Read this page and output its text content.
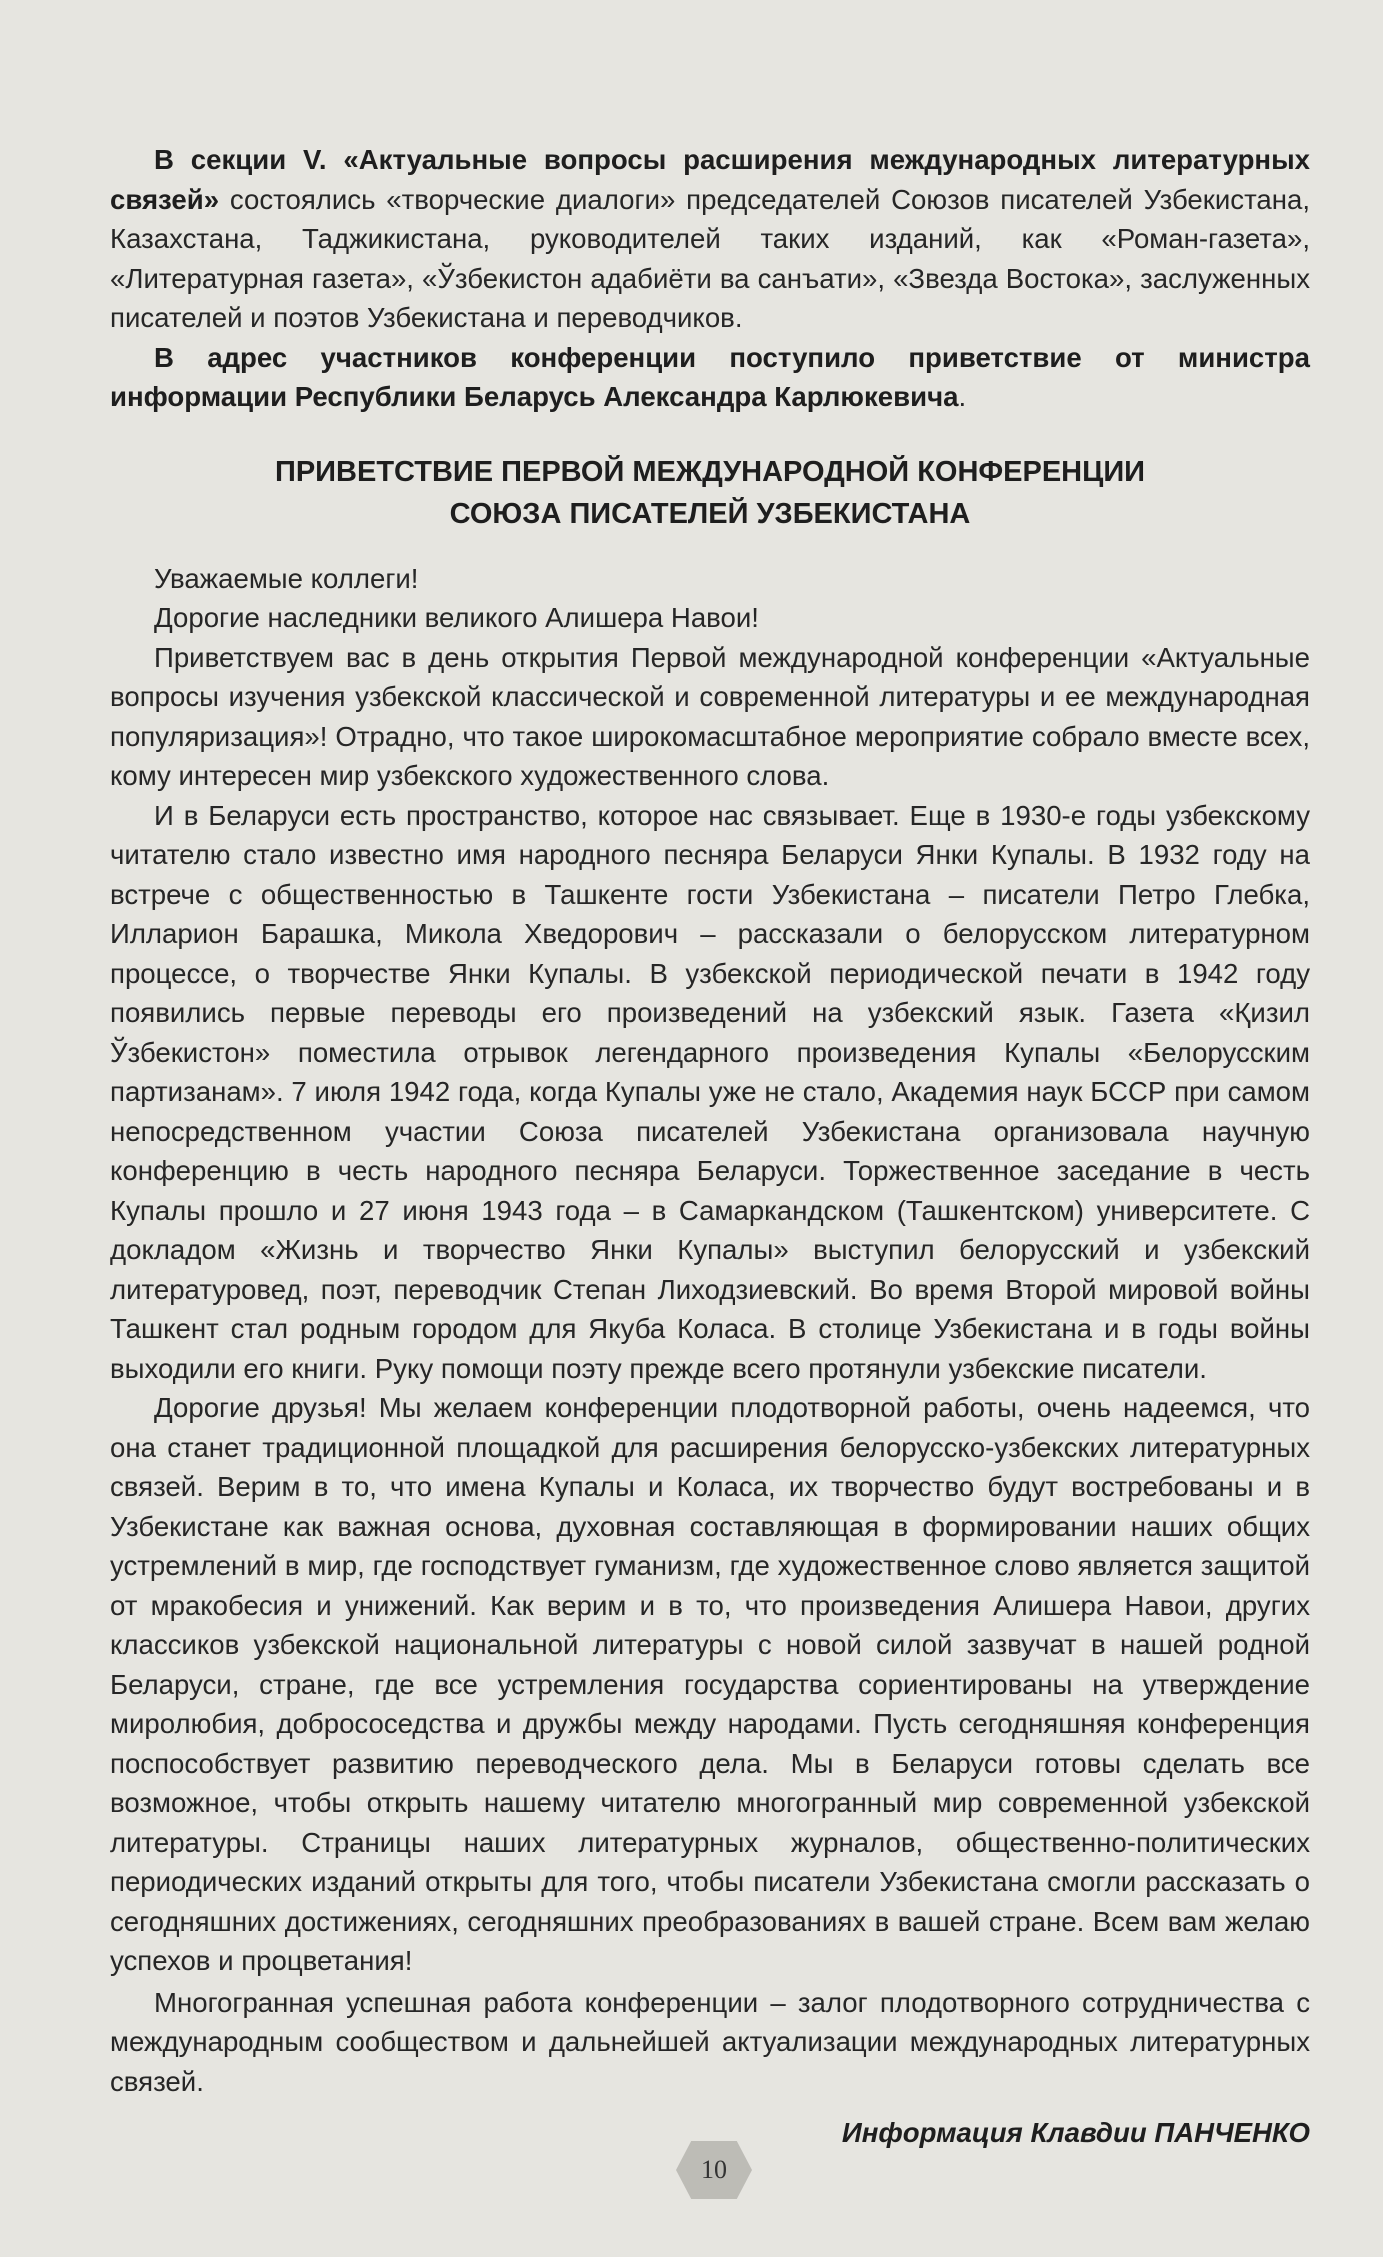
В секции V. «Актуальные вопросы расширения международных литературных связей» состоялись «творческие диалоги» председателей Союзов писателей Узбекистана, Казахстана, Таджикистана, руководителей таких изданий, как «Роман-газета», «Литературная газета», «Ўзбекистон адабиёти ва санъати», «Звезда Востока», заслуженных писателей и поэтов Узбекистана и переводчиков.

В адрес участников конференции поступило приветствие от министра информации Республики Беларусь Александра Карлюкевича.

ПРИВЕТСТВИЕ ПЕРВОЙ МЕЖДУНАРОДНОЙ КОНФЕРЕНЦИИ
СОЮЗА ПИСАТЕЛЕЙ УЗБЕКИСТАНА

Уважаемые коллеги!

Дорогие наследники великого Алишера Навои!

Приветствуем вас в день открытия Первой международной конференции «Актуальные вопросы изучения узбекской классической и современной литературы и ее международная популяризация»! Отрадно, что такое широкомасштабное мероприятие собрало вместе всех, кому интересен мир узбекского художественного слова.

И в Беларуси есть пространство, которое нас связывает. Еще в 1930-е годы узбекскому читателю стало известно имя народного песняра Беларуси Янки Купалы. В 1932 году на встрече с общественностью в Ташкенте гости Узбекистана – писатели Петро Глебка, Илларион Барашка, Микола Хведорович – рассказали о белорусском литературном процессе, о творчестве Янки Купалы. В узбекской периодической печати в 1942 году появились первые переводы его произведений на узбекский язык. Газета «Қизил Ўзбекистон» поместила отрывок легендарного произведения Купалы «Белорусским партизанам». 7 июля 1942 года, когда Купалы уже не стало, Академия наук БССР при самом непосредственном участии Союза писателей Узбекистана организовала научную конференцию в честь народного песняра Беларуси. Торжественное заседание в честь Купалы прошло и 27 июня 1943 года – в Самаркандском (Ташкентском) университете. С докладом «Жизнь и творчество Янки Купалы» выступил белорусский и узбекский литературовед, поэт, переводчик Степан Лиходзиевский. Во время Второй мировой войны Ташкент стал родным городом для Якуба Коласа. В столице Узбекистана и в годы войны выходили его книги. Руку помощи поэту прежде всего протянули узбекские писатели.

Дорогие друзья! Мы желаем конференции плодотворной работы, очень надеемся, что она станет традиционной площадкой для расширения белорусско-узбекских литературных связей. Верим в то, что имена Купалы и Коласа, их творчество будут востребованы и в Узбекистане как важная основа, духовная составляющая в формировании наших общих устремлений в мир, где господствует гуманизм, где художественное слово является защитой от мракобесия и унижений. Как верим и в то, что произведения Алишера Навои, других классиков узбекской национальной литературы с новой силой зазвучат в нашей родной Беларуси, стране, где все устремления государства сориентированы на утверждение миролюбия, добрососедства и дружбы между народами. Пусть сегодняшняя конференция поспособствует развитию переводческого дела. Мы в Беларуси готовы сделать все возможное, чтобы открыть нашему читателю многогранный мир современной узбекской литературы. Страницы наших литературных журналов, общественно-политических периодических изданий открыты для того, чтобы писатели Узбекистана смогли рассказать о сегодняшних достижениях, сегодняшних преобразованиях в вашей стране. Всем вам желаю успехов и процветания!

Многогранная успешная работа конференции – залог плодотворного сотрудничества с международным сообществом и дальнейшей актуализации международных литературных связей.

Информация Клавдии ПАНЧЕНКО
10
